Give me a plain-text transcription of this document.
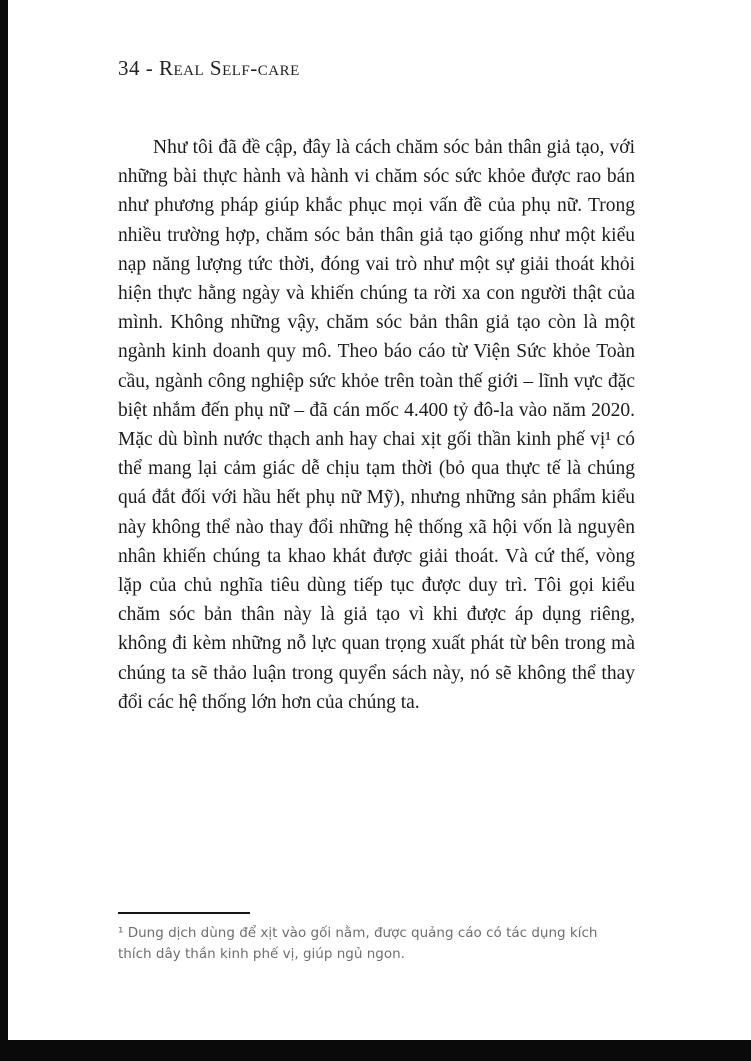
34 - Real Self-care

Như tôi đã đề cập, đây là cách chăm sóc bản thân giả tạo, với những bài thực hành và hành vi chăm sóc sức khỏe được rao bán như phương pháp giúp khắc phục mọi vấn đề của phụ nữ. Trong nhiều trường hợp, chăm sóc bản thân giả tạo giống như một kiểu nạp năng lượng tức thời, đóng vai trò như một sự giải thoát khỏi hiện thực hằng ngày và khiến chúng ta rời xa con người thật của mình. Không những vậy, chăm sóc bản thân giả tạo còn là một ngành kinh doanh quy mô. Theo báo cáo từ Viện Sức khỏe Toàn cầu, ngành công nghiệp sức khỏe trên toàn thế giới – lĩnh vực đặc biệt nhắm đến phụ nữ – đã cán mốc 4.400 tỷ đô-la vào năm 2020. Mặc dù bình nước thạch anh hay chai xịt gối thần kinh phế vị¹ có thể mang lại cảm giác dễ chịu tạm thời (bỏ qua thực tế là chúng quá đắt đối với hầu hết phụ nữ Mỹ), nhưng những sản phẩm kiểu này không thể nào thay đổi những hệ thống xã hội vốn là nguyên nhân khiến chúng ta khao khát được giải thoát. Và cứ thế, vòng lặp của chủ nghĩa tiêu dùng tiếp tục được duy trì. Tôi gọi kiểu chăm sóc bản thân này là giả tạo vì khi được áp dụng riêng, không đi kèm những nỗ lực quan trọng xuất phát từ bên trong mà chúng ta sẽ thảo luận trong quyển sách này, nó sẽ không thể thay đổi các hệ thống lớn hơn của chúng ta.

¹ Dung dịch dùng để xịt vào gối nằm, được quảng cáo có tác dụng kích thích dây thần kinh phế vị, giúp ngủ ngon.
